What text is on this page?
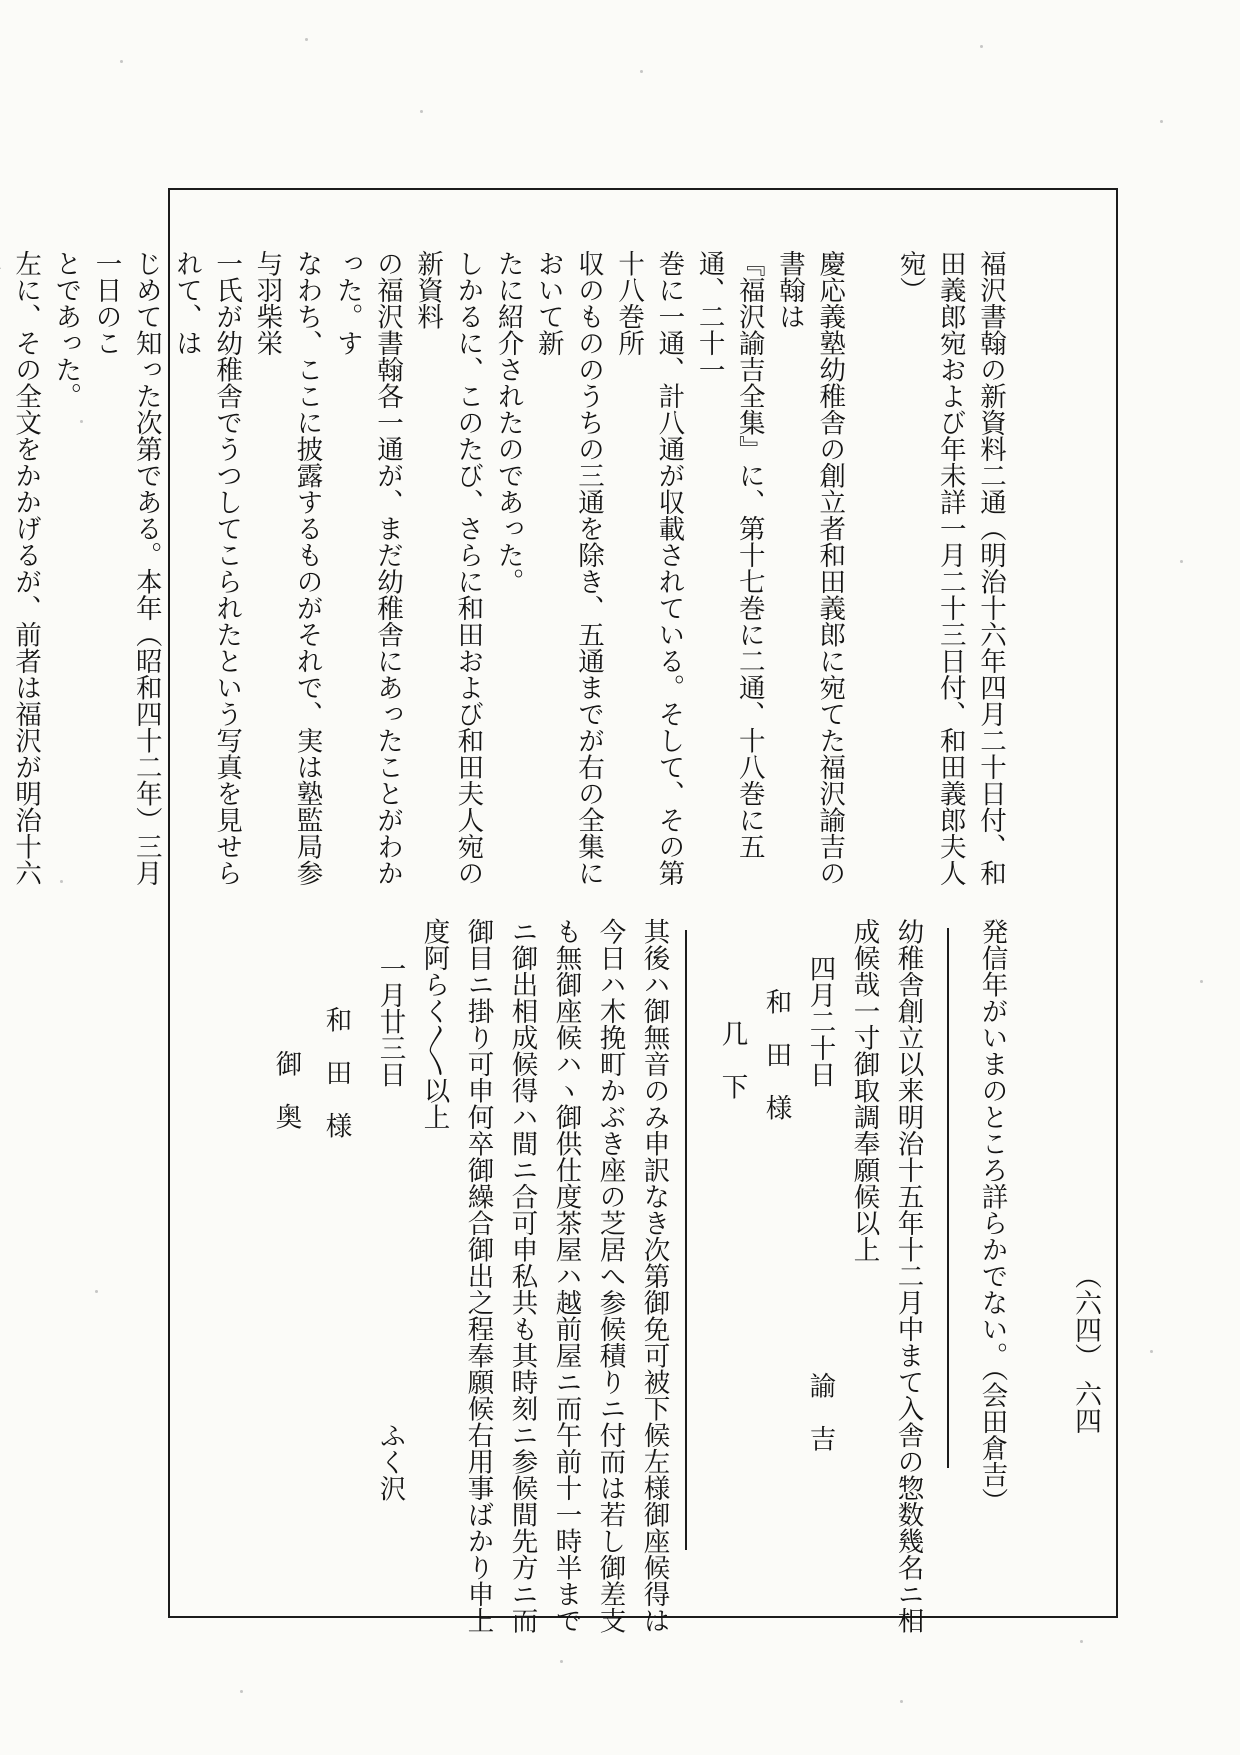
（六四）
六四
福沢書翰の新資料二通（明治十六年四月二十日付、和
田義郎宛および年未詳一月二十三日付、和田義郎夫人
宛）

慶応義塾幼稚舎の創立者和田義郎に宛てた福沢諭吉の書翰は
『福沢諭吉全集』に、第十七巻に二通、十八巻に五通、二十一
巻に一通、計八通が収載されている。そして、その第十八巻所
収のもののうちの三通を除き、五通までが右の全集において新
たに紹介されたのであった。
しかるに、このたび、さらに和田および和田夫人宛の新資料
の福沢書翰各一通が、まだ幼稚舎にあったことがわかった。す
なわち、ここに披露するものがそれで、実は塾監局参与羽柴栄
一氏が幼稚舎でうつしてこられたという写真を見せられて、は
じめて知った次第である。本年（昭和四十二年）三月一日のこ
とであった。
左に、その全文をかかげるが、前者は福沢が明治十六
発信年がいまのところ詳らかでない。（会田倉吉）
幼稚舎創立以来明治十五年十二月中まて入舎の惣数幾名ニ相
成候哉一寸御取調奉願候以上
四月二十日
諭　吉
和　田　様
几　下
其後ハ御無音のみ申訳なき次第御免可被下候左様御座候得は
今日ハ木挽町かぶき座の芝居へ参候積りニ付而は若し御差支
も無御座候ハヽ御供仕度茶屋ハ越前屋ニ而午前十一時半まで
ニ御出相成候得ハ間ニ合可申私共も其時刻ニ参候間先方ニ而
御目ニ掛り可申何卒御繰合御出之程奉願候右用事ばかり申上
度阿らく〱以上
一月廿三日
ふく沢
和　田　様
御　奥
